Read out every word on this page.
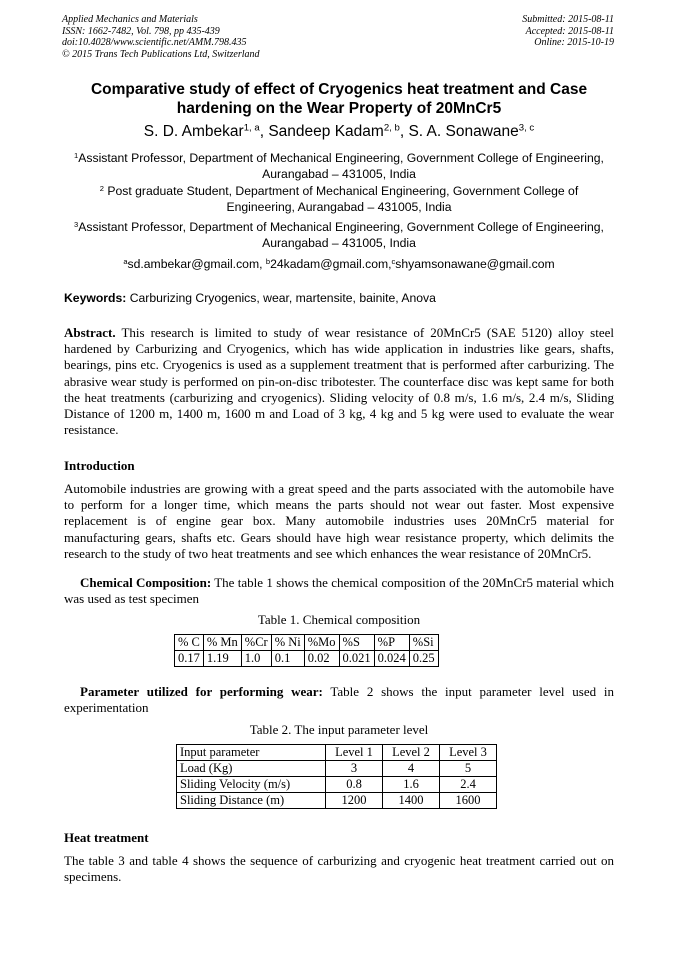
Applied Mechanics and Materials
ISSN: 1662-7482, Vol. 798, pp 435-439
doi:10.4028/www.scientific.net/AMM.798.435
© 2015 Trans Tech Publications Ltd, Switzerland
Submitted: 2015-08-11
Accepted: 2015-08-11
Online: 2015-10-19
Comparative study of effect of Cryogenics heat treatment and Case
hardening on the Wear Property of 20MnCr5
S. D. Ambekar$^{1, a}$, Sandeep Kadam$^{2, b}$, S. A. Sonawane$^{3, c}$
$^1$Assistant Professor, Department of Mechanical Engineering, Government College of Engineering,
Aurangabad – 431005, India
$^2$ Post graduate Student, Department of Mechanical Engineering, Government College of
Engineering, Aurangabad – 431005, India
$^3$Assistant Professor, Department of Mechanical Engineering, Government College of Engineering,
Aurangabad – 431005, India
$^a$sd.ambekar@gmail.com, $^b$24kadam@gmail.com,$^c$shyamsonawane@gmail.com
Keywords: Carburizing Cryogenics, wear, martensite, bainite, Anova
Abstract. This research is limited to study of wear resistance of 20MnCr5 (SAE 5120) alloy steel hardened by Carburizing and Cryogenics, which has wide application in industries like gears, shafts, bearings, pins etc. Cryogenics is used as a supplement treatment that is performed after carburizing. The abrasive wear study is performed on pin-on-disc tribotester. The counterface disc was kept same for both the heat treatments (carburizing and cryogenics). Sliding velocity of 0.8 m/s, 1.6 m/s, 2.4 m/s, Sliding Distance of 1200 m, 1400 m, 1600 m and Load of 3 kg, 4 kg and 5 kg were used to evaluate the wear resistance.
Introduction
Automobile industries are growing with a great speed and the parts associated with the automobile have to perform for a longer time, which means the parts should not wear out faster. Most expensive replacement is of engine gear box. Many automobile industries uses 20MnCr5 material for manufacturing gears, shafts etc. Gears should have high wear resistance property, which delimits the research to the study of two heat treatments and see which enhances the wear resistance of 20MnCr5.
Chemical Composition: The table 1 shows the chemical composition of the 20MnCr5 material which was used as test specimen
Table 1. Chemical composition
% C	% Mn	%Cr	% Ni	%Mo	%S	%P	%Si
0.17	1.19	1.0	0.1	0.02	0.021	0.024	0.25
Parameter utilized for performing wear: Table 2 shows the input parameter level used in experimentation
Table 2. The input parameter level
Input parameter	Level 1	Level 2	Level 3
Load (Kg)	3	4	5
Sliding Velocity (m/s)	0.8	1.6	2.4
Sliding Distance (m)	1200	1400	1600
Heat treatment
The table 3 and table 4 shows the sequence of carburizing and cryogenic heat treatment carried out on specimens.
